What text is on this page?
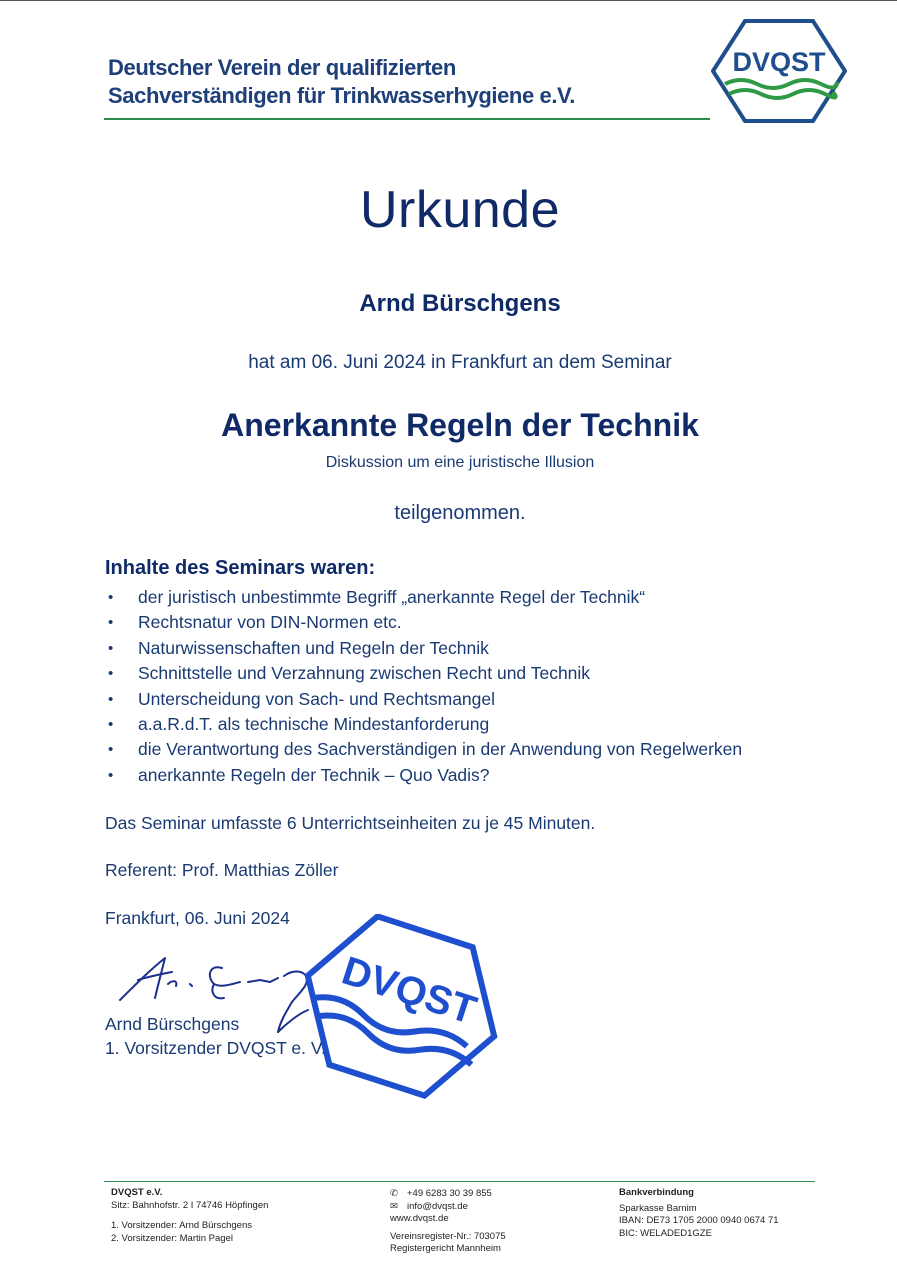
Deutscher Verein der qualifizierten
Sachverständigen für Trinkwasserhygiene e.V.
DVQST
Urkunde
Arnd Bürschgens
hat am 06. Juni 2024 in Frankfurt an dem Seminar
Anerkannte Regeln der Technik
Diskussion um eine juristische Illusion
teilgenommen.
Inhalte des Seminars waren:
• der juristisch unbestimmte Begriff „anerkannte Regel der Technik“
• Rechtsnatur von DIN-Normen etc.
• Naturwissenschaften und Regeln der Technik
• Schnittstelle und Verzahnung zwischen Recht und Technik
• Unterscheidung von Sach- und Rechtsmangel
• a.a.R.d.T. als technische Mindestanforderung
• die Verantwortung des Sachverständigen in der Anwendung von Regelwerken
• anerkannte Regeln der Technik – Quo Vadis?
Das Seminar umfasste 6 Unterrichtseinheiten zu je 45 Minuten.
Referent: Prof. Matthias Zöller
Frankfurt, 06. Juni 2024
DVQST
Arnd Bürschgens
1. Vorsitzender DVQST e. V.
DVQST e.V.
Sitz: Bahnhofstr. 2 I 74746 Höpfingen
1. Vorsitzender: Arnd Bürschgens
2. Vorsitzender: Martin Pagel
✆ +49 6283 30 39 855
✉ info@dvqst.de
www.dvqst.de
Vereinsregister-Nr.: 703075
Registergericht Mannheim
Bankverbindung
Sparkasse Barnim
IBAN: DE73 1705 2000 0940 0674 71
BIC: WELADED1GZE
